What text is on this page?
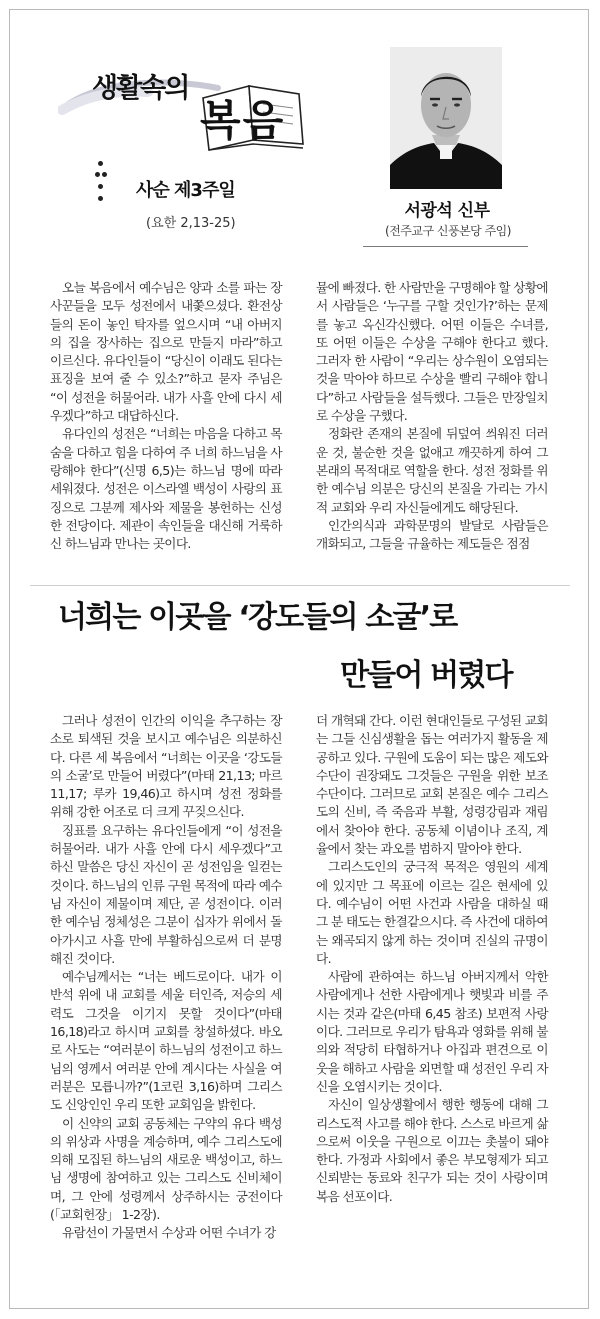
생활속의
복음
사순 제3주일
(요한 2,13-25)
서광석 신부
(전주교구 신풍본당 주임)

오늘 복음에서 예수님은 양과 소를 파는 장사꾼들을 모두 성전에서 내쫓으셨다. 환전상들의 돈이 놓인 탁자를 엎으시며 “내 아버지의 집을 장사하는 집으로 만들지 마라”하고 이르신다. 유다인들이 “당신이 이래도 된다는 표징을 보여 줄 수 있소?”하고 묻자 주님은 “이 성전을 허물어라. 내가 사흘 안에 다시 세우겠다”하고 대답하신다.

유다인의 성전은 “너희는 마음을 다하고 목숨을 다하고 힘을 다하여 주 너희 하느님을 사랑해야 한다”(신명 6,5)는 하느님 명에 따라 세워졌다. 성전은 이스라엘 백성이 사랑의 표징으로 그분께 제사와 제물을 봉헌하는 신성한 전당이다. 제관이 속인들을 대신해 거룩하신 하느님과 만나는 곳이다.

뮬에 빠졌다. 한 사람만을 구명해야 할 상황에서 사람들은 ‘누구를 구할 것인가?’하는 문제를 놓고 옥신각신했다. 어떤 이들은 수녀를, 또 어떤 이들은 수상을 구해야 한다고 했다. 그러자 한 사람이 “우리는 상수원이 오염되는 것을 막아야 하므로 수상을 빨리 구해야 합니다”하고 사람들을 설득했다. 그들은 만장일치로 수상을 구했다.

정화란 존재의 본질에 뒤덮여 씌워진 더러운 것, 불순한 것을 없애고 깨끗하게 하여 그 본래의 목적대로 역할을 한다. 성전 정화를 위한 예수님 의분은 당신의 본질을 가리는 가시적 교회와 우리 자신들에게도 해당된다.

인간의식과 과학문명의 발달로 사람들은 개화되고, 그들을 규율하는 제도들은 점점

너희는 이곳을 ‘강도들의 소굴’로
만들어 버렸다

그러나 성전이 인간의 이익을 추구하는 장소로 퇴색된 것을 보시고 예수님은 의분하신다. 다른 세 복음에서 “너희는 이곳을 ‘강도들의 소굴’로 만들어 버렸다”(마태 21,13; 마르 11,17; 루카 19,46)고 하시며 성전 정화를 위해 강한 어조로 더 크게 꾸짖으신다.

징표를 요구하는 유다인들에게 “이 성전을 허물어라. 내가 사흘 안에 다시 세우겠다”고 하신 말씀은 당신 자신이 곧 성전임을 일컫는 것이다. 하느님의 인류 구원 목적에 따라 예수님 자신이 제물이며 제단, 곧 성전이다. 이러한 예수님 정체성은 그분이 십자가 위에서 돌아가시고 사흘 만에 부활하심으로써 더 분명해진 것이다.

예수님께서는 “너는 베드로이다. 내가 이 반석 위에 내 교회를 세울 터인즉, 저승의 세력도 그것을 이기지 못할 것이다”(마태 16,18)라고 하시며 교회를 창설하셨다. 바오로 사도는 “여러분이 하느님의 성전이고 하느님의 영께서 여러분 안에 계시다는 사실을 여러분은 모릅니까?”(1코린 3,16)하며 그리스도 신앙인인 우리 또한 교회임을 밝힌다.

이 신약의 교회 공동체는 구약의 유다 백성의 위상과 사명을 계승하며, 예수 그리스도에 의해 모집된 하느님의 새로운 백성이고, 하느님 생명에 참여하고 있는 그리스도 신비체이며, 그 안에 성령께서 상주하시는 궁전이다(「교회헌장」 1-2장).

유람선이 가물면서 수상과 어떤 수녀가 강

더 개혁돼 간다. 이런 현대인들로 구성된 교회는 그들 신심생활을 돕는 여러가지 활동을 제공하고 있다. 구원에 도움이 되는 많은 제도와 수단이 권장돼도 그것들은 구원을 위한 보조 수단이다. 그러므로 교회 본질은 예수 그리스도의 신비, 즉 죽음과 부활, 성령강림과 재림에서 찾아야 한다. 공동체 이념이나 조직, 계율에서 찾는 과오를 범하지 말아야 한다.

그리스도인의 궁극적 목적은 영원의 세계에 있지만 그 목표에 이르는 길은 현세에 있다. 예수님이 어떤 사건과 사람을 대하실 때 그 분 태도는 한결같으시다. 즉 사건에 대하여는 왜곡되지 않게 하는 것이며 진실의 규명이다.

사람에 관하여는 하느님 아버지께서 악한 사람에게나 선한 사람에게나 햇빛과 비를 주시는 것과 같은(마태 6,45 참조) 보편적 사랑이다. 그러므로 우리가 탐욕과 영화를 위해 불의와 적당히 타협하거나 아집과 편견으로 이웃을 해하고 사람을 외면할 때 성전인 우리 자신을 오염시키는 것이다.

자신이 일상생활에서 행한 행동에 대해 그리스도적 사고를 해야 한다. 스스로 바르게 삶으로써 이웃을 구원으로 이끄는 촛불이 돼야 한다. 가정과 사회에서 좋은 부모형제가 되고 신뢰받는 동료와 친구가 되는 것이 사랑이며 복음 선포이다.
